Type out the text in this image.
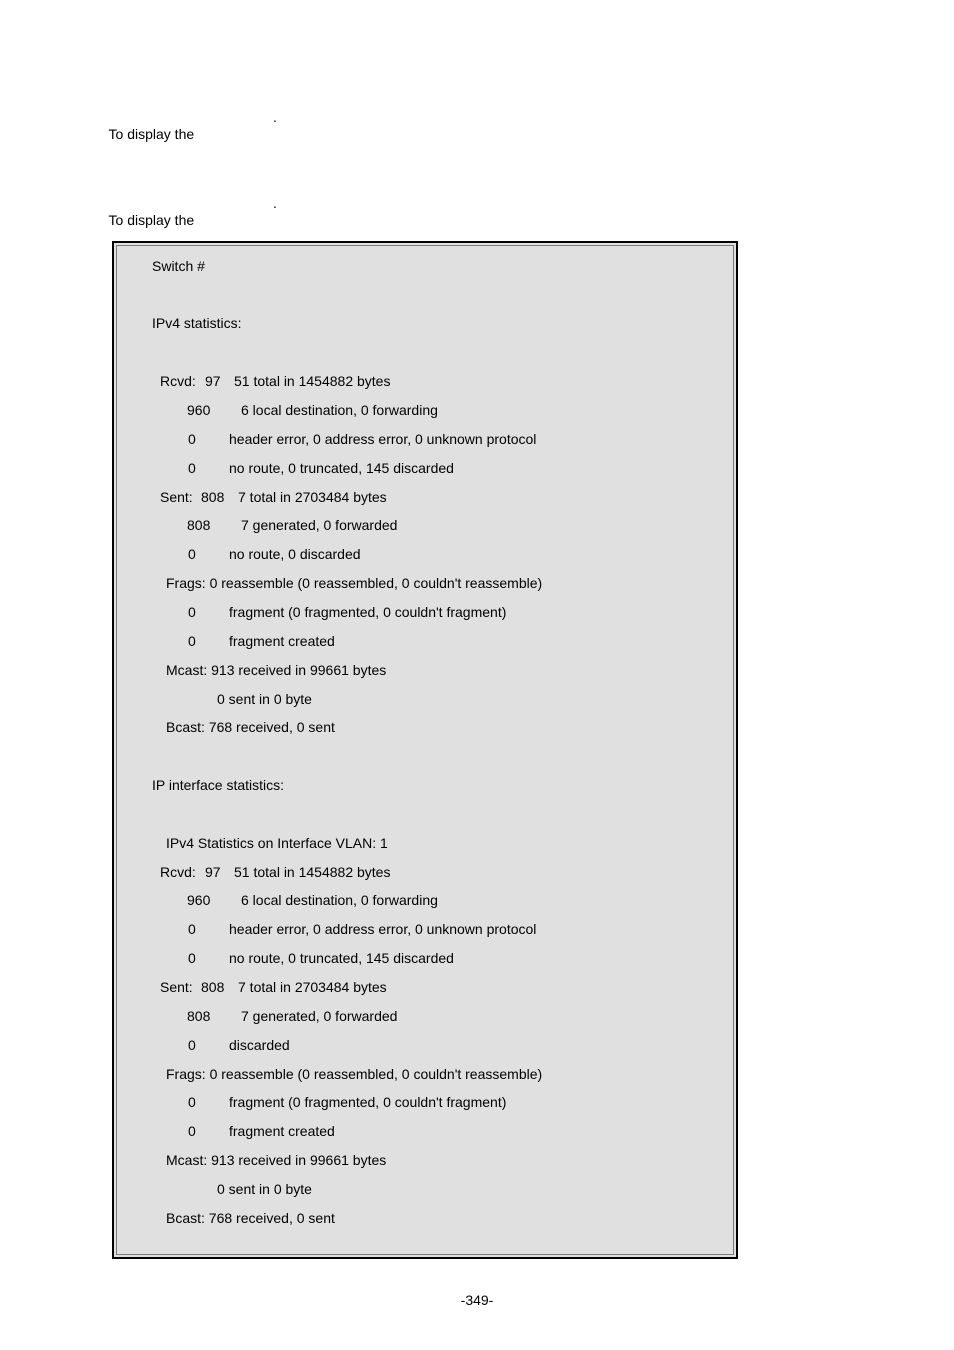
To display the
.

To display the
.

Switch #
IPv4 statistics:
Rcvd: 97 51 total in 1454882 bytes
960 6 local destination, 0 forwarding
0 header error, 0 address error, 0 unknown protocol
0 no route, 0 truncated, 145 discarded
Sent: 808 7 total in 2703484 bytes
808 7 generated, 0 forwarded
0 no route, 0 discarded
Frags: 0 reassemble (0 reassembled, 0 couldn't reassemble)
0 fragment (0 fragmented, 0 couldn't fragment)
0 fragment created
Mcast: 913 received in 99661 bytes
0 sent in 0 byte
Bcast: 768 received, 0 sent
IP interface statistics:
IPv4 Statistics on Interface VLAN: 1
Rcvd: 97 51 total in 1454882 bytes
960 6 local destination, 0 forwarding
0 header error, 0 address error, 0 unknown protocol
0 no route, 0 truncated, 145 discarded
Sent: 808 7 total in 2703484 bytes
808 7 generated, 0 forwarded
0 discarded
Frags: 0 reassemble (0 reassembled, 0 couldn't reassemble)
0 fragment (0 fragmented, 0 couldn't fragment)
0 fragment created
Mcast: 913 received in 99661 bytes
0 sent in 0 byte
Bcast: 768 received, 0 sent
-349-
